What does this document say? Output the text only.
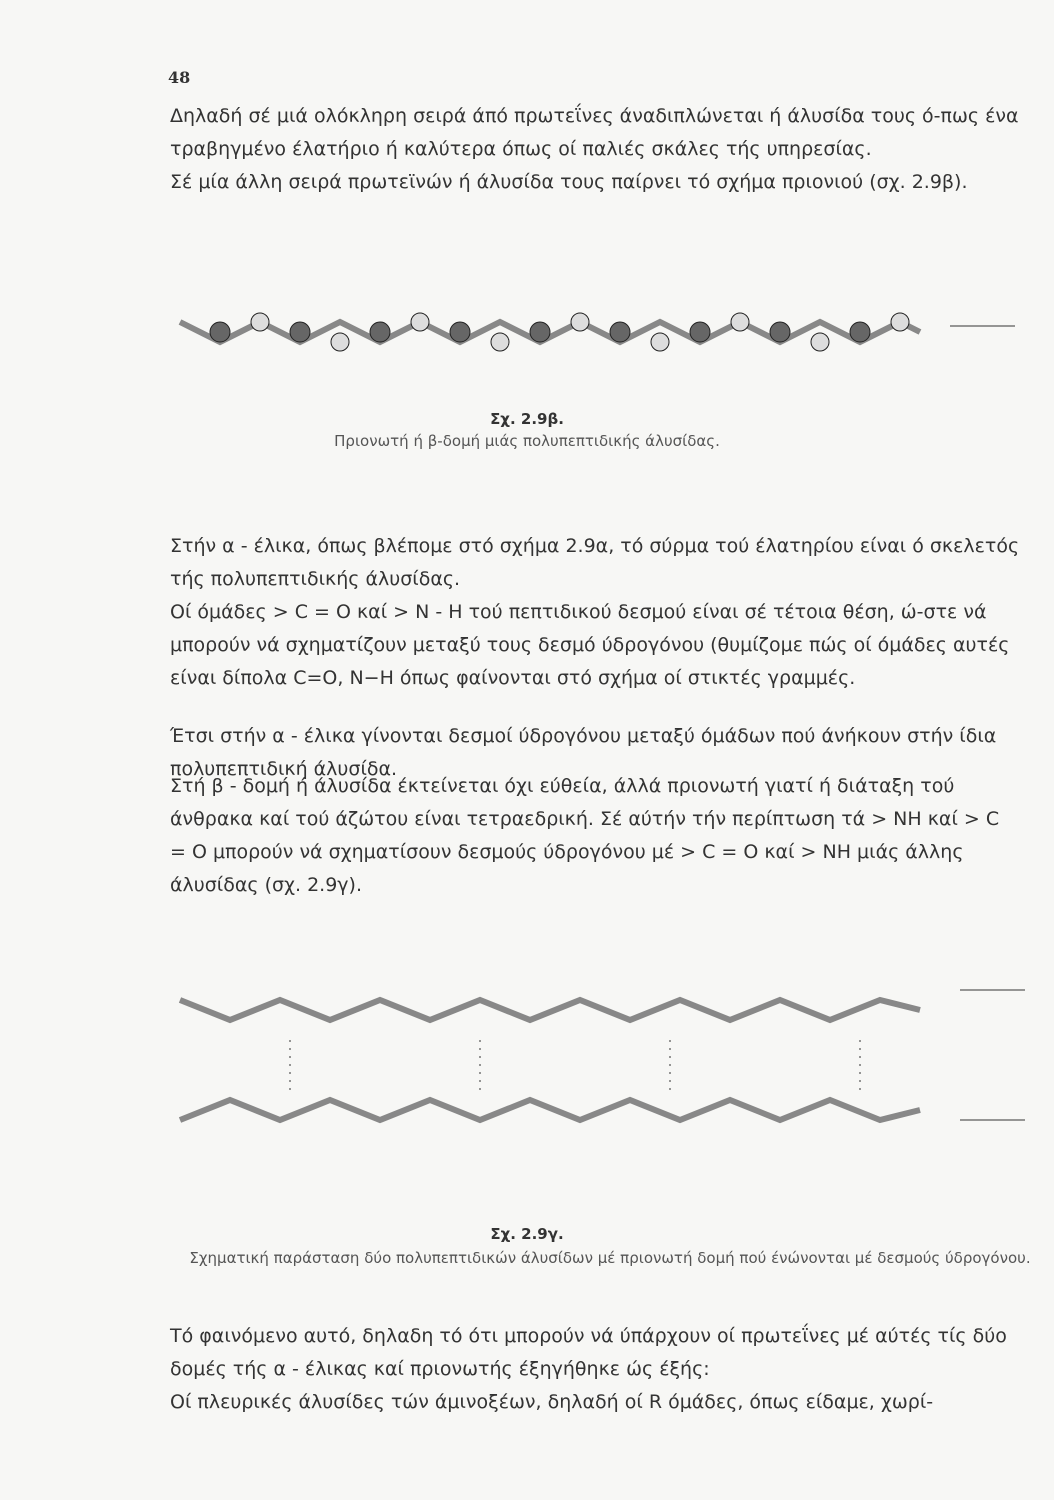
48
Δηλαδή σέ μιά ολόκληρη σειρά άπό πρωτεΐνες άναδιπλώνεται ή άλυσίδα τους ό-πως ένα τραβηγμένο έλατήριο ή καλύτερα όπως οί παλιές σκάλες τής υπηρεσίας.
Σέ μία άλλη σειρά πρωτεϊνών ή άλυσίδα τους παίρνει τό σχήμα πριονιού (σχ. 2.9β).
Σχ. 2.9β.
Πριονωτή ή β-δομή μιάς πολυπεπτιδικής άλυσίδας.
Στήν α - έλικα, όπως βλέπομε στό σχήμα 2.9α, τό σύρμα τού έλατηρίου είναι ό σκελετός τής πολυπεπτιδικής άλυσίδας.
Οί όμάδες > C = O καί > N - H τού πεπτιδικού δεσμού είναι σέ τέτοια θέση, ώ-στε νά μπορούν νά σχηματίζουν μεταξύ τους δεσμό ύδρογόνου (θυμίζομε πώς οί όμάδες αυτές είναι δίπολα C=O, N−H όπως φαίνονται στό σχήμα οί στικτές γραμμές.
Έτσι στήν α - έλικα γίνονται δεσμοί ύδρογόνου μεταξύ όμάδων πού άνήκουν στήν ίδια πολυπεπτιδική άλυσίδα.
Στή β - δομή ή άλυσίδα έκτείνεται όχι εύθεία, άλλά πριονωτή γιατί ή διάταξη τού άνθρακα καί τού άζώτου είναι τετραεδρική. Σέ αύτήν τήν περίπτωση τά > NH καί > C = O μπορούν νά σχηματίσουν δεσμούς ύδρογόνου μέ > C = O καί > NH μιάς άλλης άλυσίδας (σχ. 2.9γ).
Σχ. 2.9γ.
Σχηματική παράσταση δύο πολυπεπτιδικών άλυσίδων μέ πριονωτή δομή πού ένώνονται μέ δεσμούς ύδρογόνου.
Τό φαινόμενο αυτό, δηλαδη τό ότι μπορούν νά ύπάρχουν οί πρωτεΐνες μέ αύτές τίς δύο δομές τής α - έλικας καί πριονωτής έξηγήθηκε ώς έξής:
Οί πλευρικές άλυσίδες τών άμινοξέων, δηλαδή οί R όμάδες, όπως είδαμε, χωρί-
